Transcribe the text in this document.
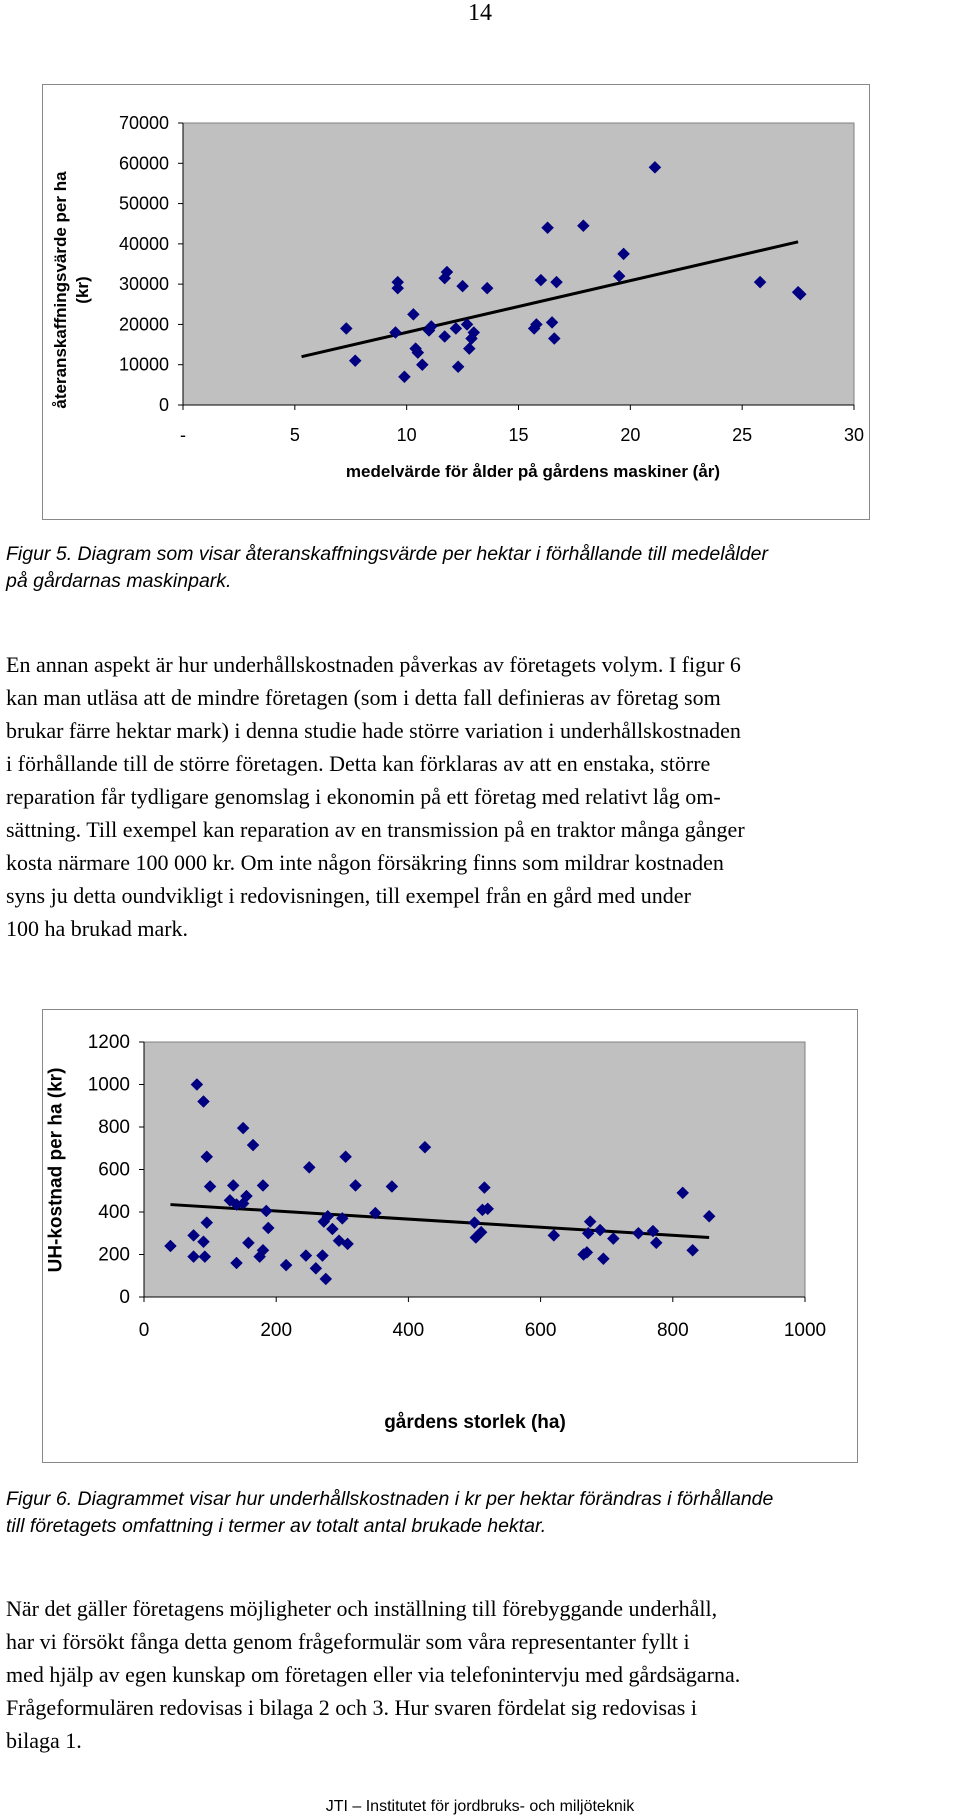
14
0
10000
20000
30000
40000
50000
60000
70000
-	5	10	15	20	25	30
återanskaffningsvärde per ha (kr)
medelvärde för ålder på gårdens maskiner (år)
Figur 5. Diagram som visar återanskaffningsvärde per hektar i förhållande till medelålder
på gårdarnas maskinpark.
En annan aspekt är hur underhållskostnaden påverkas av företagets volym. I figur 6
kan man utläsa att de mindre företagen (som i detta fall definieras av företag som
brukar färre hektar mark) i denna studie hade större variation i underhållskostnaden
i förhållande till de större företagen. Detta kan förklaras av att en enstaka, större
reparation får tydligare genomslag i ekonomin på ett företag med relativt låg om-
sättning. Till exempel kan reparation av en transmission på en traktor många gånger
kosta närmare 100 000 kr. Om inte någon försäkring finns som mildrar kostnaden
syns ju detta oundvikligt i redovisningen, till exempel från en gård med under
100 ha brukad mark.
0
200
400
600
800
1000
1200
0	200	400	600	800	1000
UH-kostnad per ha (kr)
gårdens storlek (ha)
Figur 6. Diagrammet visar hur underhållskostnaden i kr per hektar förändras i förhållande
till företagets omfattning i termer av totalt antal brukade hektar.
När det gäller företagens möjligheter och inställning till förebyggande underhåll,
har vi försökt fånga detta genom frågeformulär som våra representanter fyllt i
med hjälp av egen kunskap om företagen eller via telefonintervju med gårdsägarna.
Frågeformulären redovisas i bilaga 2 och 3. Hur svaren fördelat sig redovisas i
bilaga 1.
JTI – Institutet för jordbruks- och miljöteknik
